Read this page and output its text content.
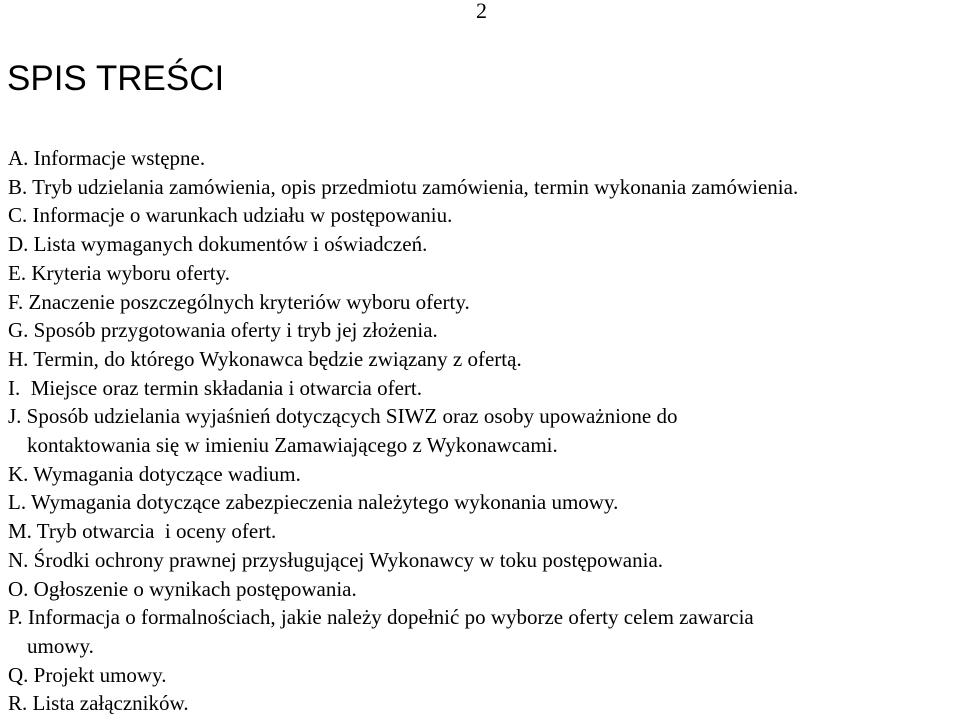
2
SPIS TREŚCI
A. Informacje wstępne.
B. Tryb udzielania zamówienia, opis przedmiotu zamówienia, termin wykonania zamówienia.
C. Informacje o warunkach udziału w postępowaniu.
D. Lista wymaganych dokumentów i oświadczeń.
E. Kryteria wyboru oferty.
F. Znaczenie poszczególnych kryteriów wyboru oferty.
G. Sposób przygotowania oferty i tryb jej złożenia.
H. Termin, do którego Wykonawca będzie związany z ofertą.
I.  Miejsce oraz termin składania i otwarcia ofert.
J. Sposób udzielania wyjaśnień dotyczących SIWZ oraz osoby upoważnione do
kontaktowania się w imieniu Zamawiającego z Wykonawcami.
K. Wymagania dotyczące wadium.
L. Wymagania dotyczące zabezpieczenia należytego wykonania umowy.
M. Tryb otwarcia  i oceny ofert.
N. Środki ochrony prawnej przysługującej Wykonawcy w toku postępowania.
O. Ogłoszenie o wynikach postępowania.
P. Informacja o formalnościach, jakie należy dopełnić po wyborze oferty celem zawarcia
umowy.
Q. Projekt umowy.
R. Lista załączników.
